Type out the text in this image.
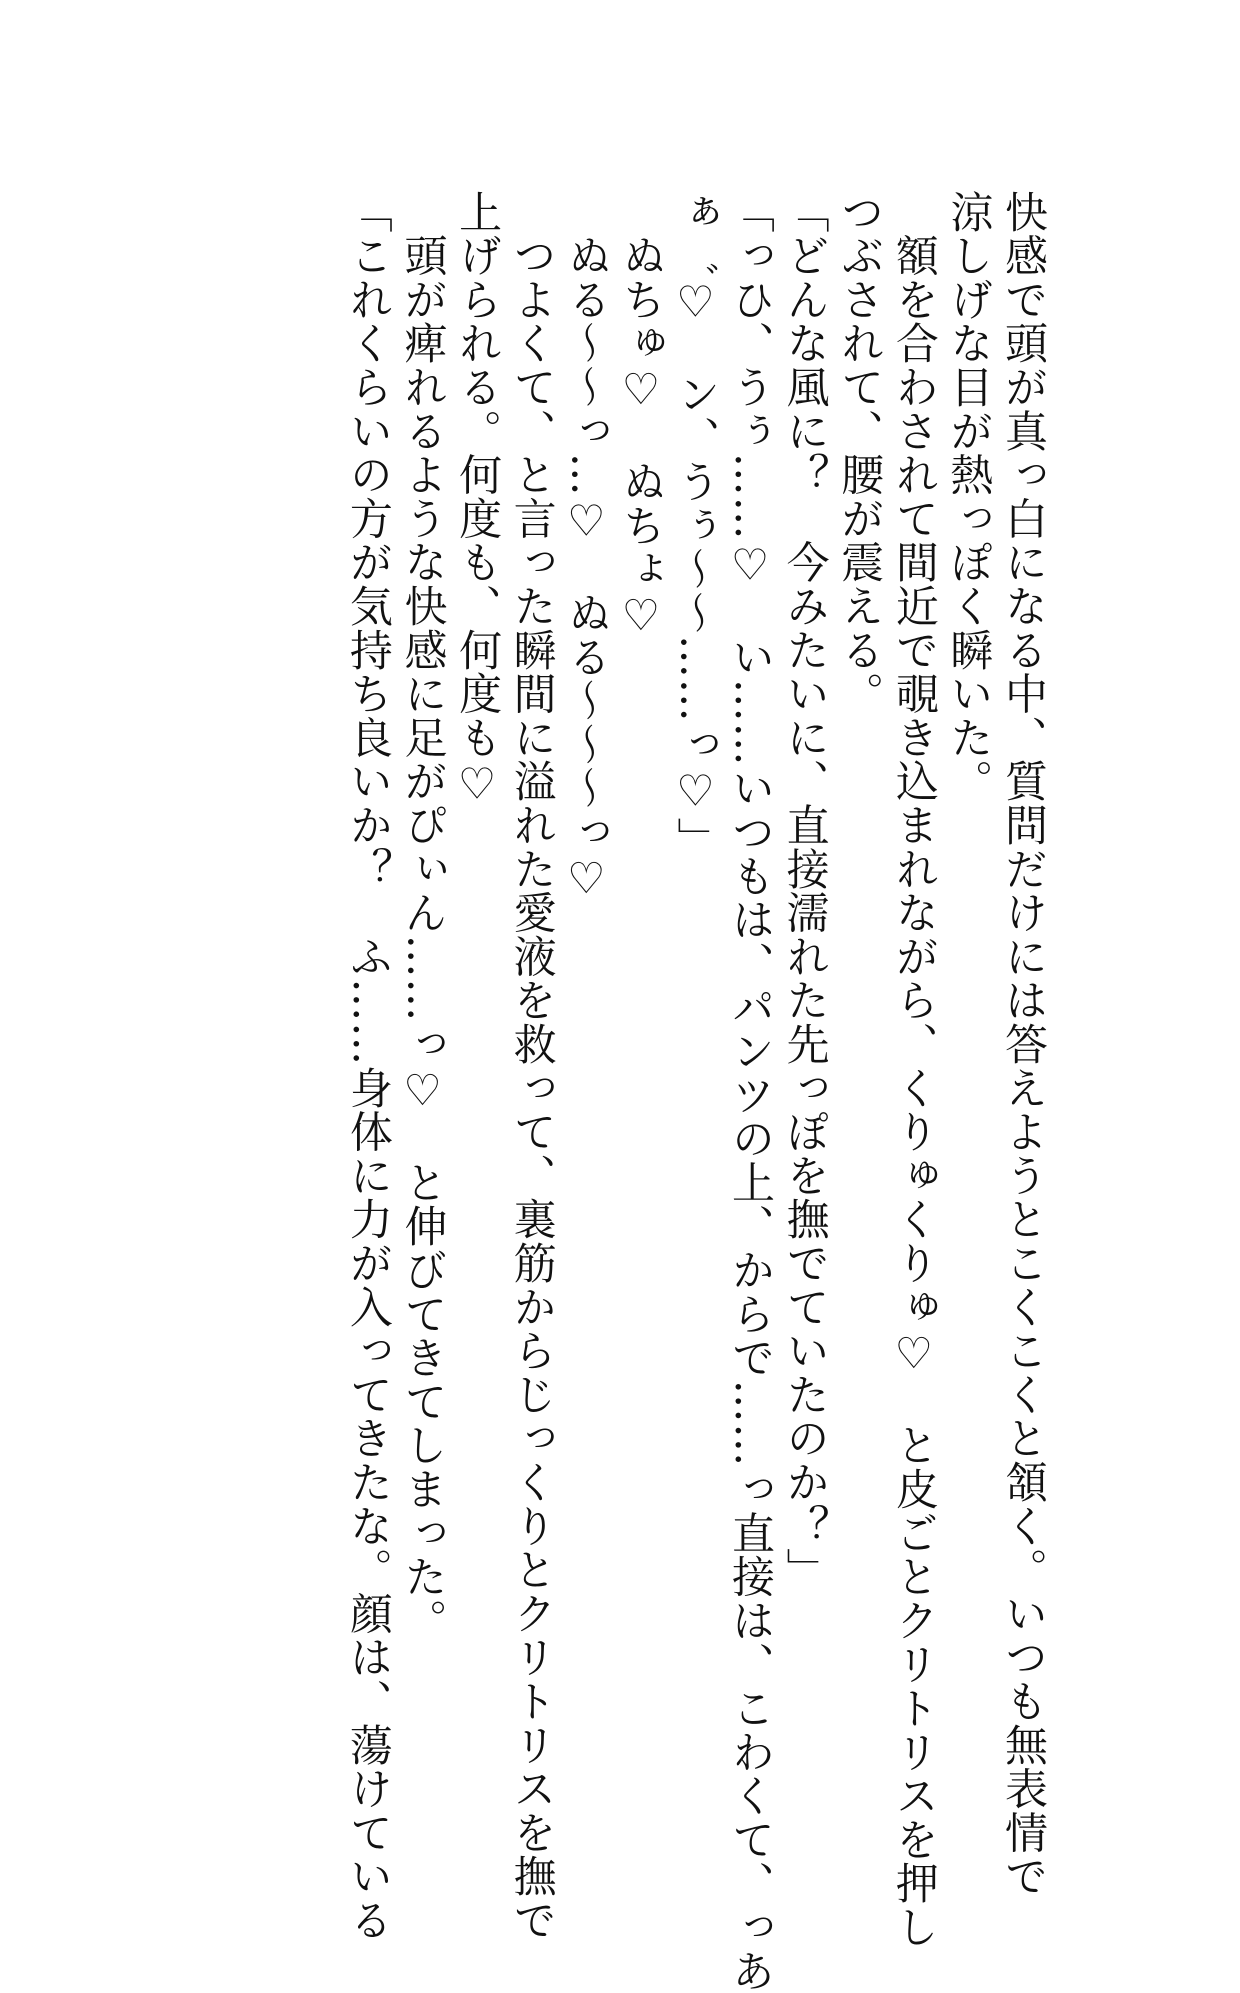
快感で頭が真っ白になる中、質問だけには答えようとこくこくと頷く。いつも無表情で
涼しげな目が熱っぽく瞬いた。
　額を合わされて間近で覗き込まれながら、くりゅくりゅ♡　と皮ごとクリトリスを押し
つぶされて、腰が震える。
「どんな風に？　今みたいに、直接濡れた先っぽを撫でていたのか？」
「っひ、うぅ……♡　い……いつもは、パンツの上、からで……っ直接は、こわくて、っあ
ぁ゛♡　ン、うぅ〜〜……っ♡」
　ぬちゅ♡　ぬちょ♡
　ぬる〜〜っ…♡　ぬる〜〜〜っ♡
　つよくて、と言った瞬間に溢れた愛液を救って、裏筋からじっくりとクリトリスを撫で
上げられる。何度も、何度も♡
　頭が痺れるような快感に足がぴぃん……っ♡　と伸びてきてしまった。
「これくらいの方が気持ち良いか？　ふ……身体に力が入ってきたな。顔は、蕩けている
